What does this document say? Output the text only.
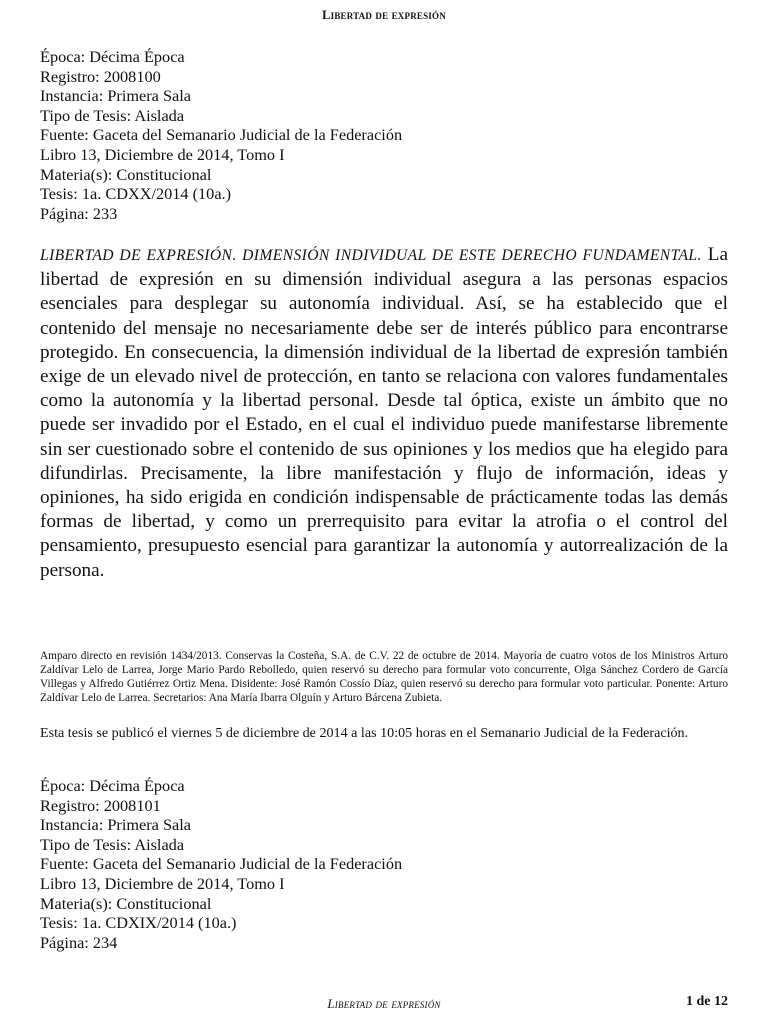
Libertad de expresión
Época: Décima Época
Registro: 2008100
Instancia: Primera Sala
Tipo de Tesis: Aislada
Fuente: Gaceta del Semanario Judicial de la Federación
Libro 13, Diciembre de 2014, Tomo I
Materia(s): Constitucional
Tesis: 1a. CDXX/2014 (10a.)
Página: 233
LIBERTAD DE EXPRESIÓN. DIMENSIÓN INDIVIDUAL DE ESTE DERECHO FUNDAMENTAL. La libertad de expresión en su dimensión individual asegura a las personas espacios esenciales para desplegar su autonomía individual. Así, se ha establecido que el contenido del mensaje no necesariamente debe ser de interés público para encontrarse protegido. En consecuencia, la dimensión individual de la libertad de expresión también exige de un elevado nivel de protección, en tanto se relaciona con valores fundamentales como la autonomía y la libertad personal. Desde tal óptica, existe un ámbito que no puede ser invadido por el Estado, en el cual el individuo puede manifestarse libremente sin ser cuestionado sobre el contenido de sus opiniones y los medios que ha elegido para difundirlas. Precisamente, la libre manifestación y flujo de información, ideas y opiniones, ha sido erigida en condición indispensable de prácticamente todas las demás formas de libertad, y como un prerrequisito para evitar la atrofia o el control del pensamiento, presupuesto esencial para garantizar la autonomía y autorrealización de la persona.
Amparo directo en revisión 1434/2013. Conservas la Costeña, S.A. de C.V. 22 de octubre de 2014. Mayoría de cuatro votos de los Ministros Arturo Zaldívar Lelo de Larrea, Jorge Mario Pardo Rebolledo, quien reservó su derecho para formular voto concurrente, Olga Sánchez Cordero de García Villegas y Alfredo Gutiérrez Ortiz Mena. Disidente: José Ramón Cossío Díaz, quien reservó su derecho para formular voto particular. Ponente: Arturo Zaldívar Lelo de Larrea. Secretarios: Ana María Ibarra Olguín y Arturo Bárcena Zubieta.
Esta tesis se publicó el viernes 5 de diciembre de 2014 a las 10:05 horas en el Semanario Judicial de la Federación.
Época: Décima Época
Registro: 2008101
Instancia: Primera Sala
Tipo de Tesis: Aislada
Fuente: Gaceta del Semanario Judicial de la Federación
Libro 13, Diciembre de 2014, Tomo I
Materia(s): Constitucional
Tesis: 1a. CDXIX/2014 (10a.)
Página: 234
Libertad de expresión	1 de 12
